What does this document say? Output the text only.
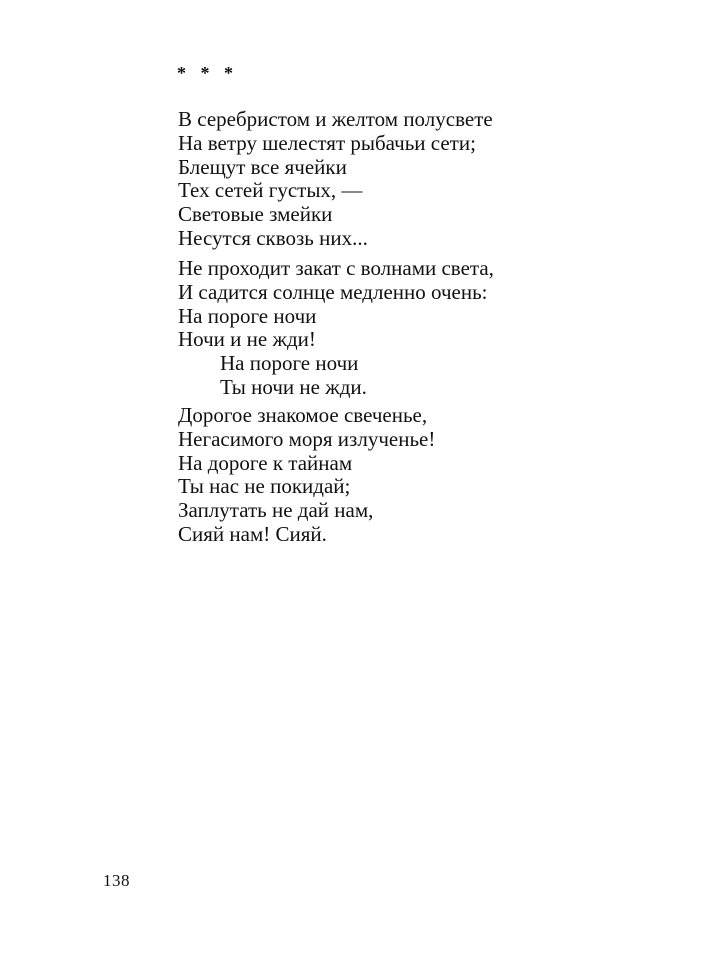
* * *
В серебристом и желтом полусвете
На ветру шелестят рыбачьи сети;
Блещут все ячейки
Тех сетей густых, —
Световые змейки
Несутся сквозь них...
Не проходит закат с волнами света,
И садится солнце медленно очень:
На пороге ночи
Ночи и не жди!
На пороге ночи
Ты ночи не жди.
Дорогое знакомое свеченье,
Негасимого моря излученье!
На дороге к тайнам
Ты нас не покидай;
Заплутать не дай нам,
Сияй нам! Сияй.
138
